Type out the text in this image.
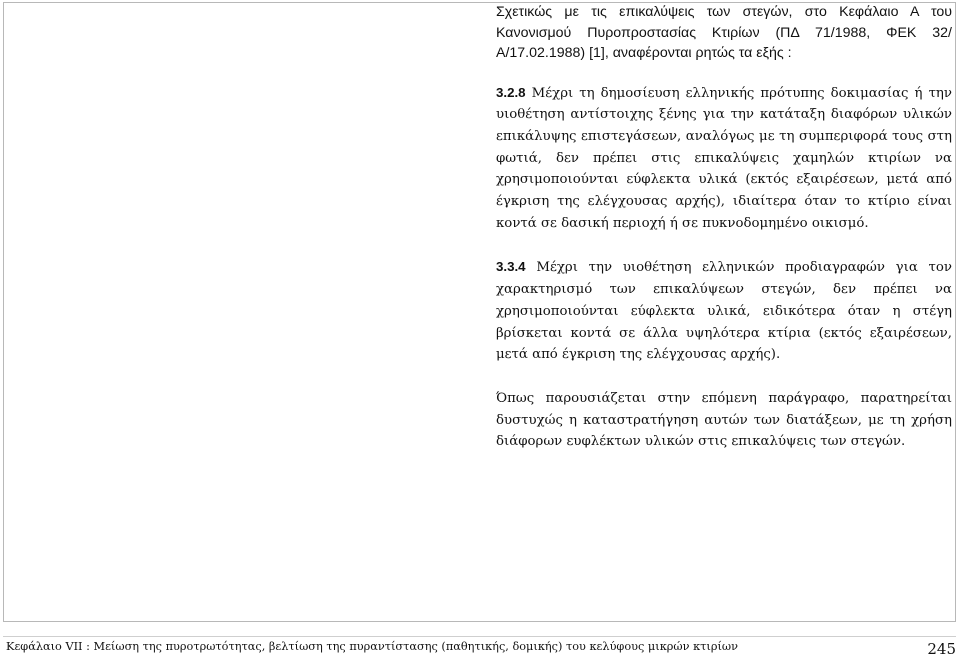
Σχετικώς με τις επικαλύψεις των στεγών, στο Κεφάλαιο Α του Κανονισμού Πυροπροστασίας Κτιρίων (ΠΔ 71/1988, ΦΕΚ 32/Α/17.02.1988) [1], αναφέρονται ρητώς τα εξής :

3.2.8 Μέχρι τη δημοσίευση ελληνικής πρότυπης δοκιμασίας ή την υιοθέτηση αντίστοιχης ξένης για την κατάταξη διαφόρων υλικών επικάλυψης επιστεγάσεων, αναλόγως με τη συμπεριφορά τους στη φωτιά, δεν πρέπει στις επικαλύψεις χαμηλών κτιρίων να χρησιμοποιούνται εύφλεκτα υλικά (εκτός εξαιρέσεων, μετά από έγκριση της ελέγχουσας αρχής), ιδιαίτερα όταν το κτίριο είναι κοντά σε δασική περιοχή ή σε πυκνοδομημένο οικισμό.

3.3.4 Μέχρι την υιοθέτηση ελληνικών προδιαγραφών για τον χαρακτηρισμό των επικαλύψεων στεγών, δεν πρέπει να χρησιμοποιούνται εύφλεκτα υλικά, ειδικότερα όταν η στέγη βρίσκεται κοντά σε άλλα υψηλότερα κτίρια (εκτός εξαιρέσεων, μετά από έγκριση της ελέγχουσας αρχής).

Όπως παρουσιάζεται στην επόμενη παράγραφο, παρατηρείται δυστυχώς η καταστρατήγηση αυτών των διατάξεων, με τη χρήση διάφορων ευφλέκτων υλικών στις επικαλύψεις των στεγών.

Κεφάλαιο VII : Μείωση της πυροτρωτότητας, βελτίωση της πυραντίστασης (παθητικής, δομικής) του κελύφους μικρών κτιρίων	245
